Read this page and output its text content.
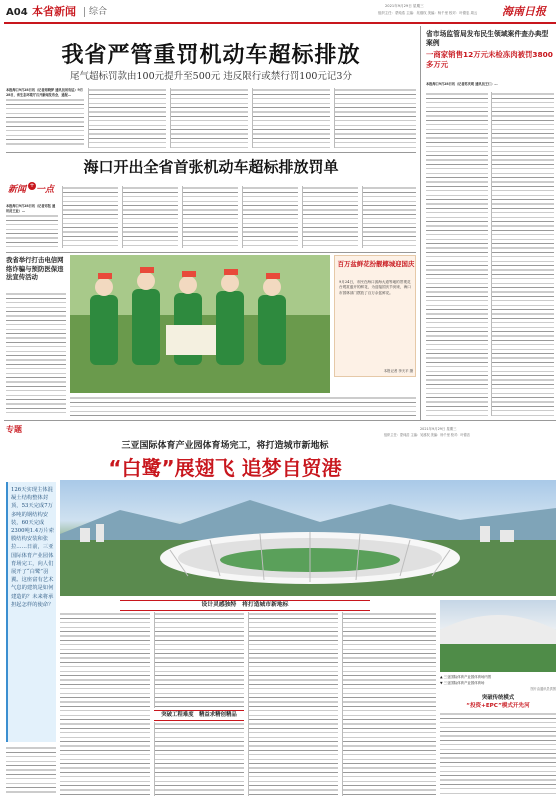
A04 本省新闻 综合
2021年9月29日 星期三
组织主任：蒙纯浩 主编：吴禧权 美编：杨千里 校对：叶德忠 周云	海南日报
我省严管重罚机动车超标排放
尾气超标罚款由100元提升至500元 违反限行或禁行罚100元记3分
本报海口9月28日讯（记者周晓梦 通讯员刘有运）9月28日，省生态环境厅召开新闻发布会，通报...
省市场监管局发布民生领域案件查办典型案例
一商家销售12万元未检冻肉被罚3800多万元
本报海口9月28日讯（记者苏庆明 通讯员王仁）...
海口开出全省首张机动车超标排放罚单
新闻 + 一点
本报海口9月28日讯（记者邓钰 通讯员王业）...
我省举行打击电信网络诈骗与预防医保违法宣传活动
百万盆鲜花扮靓椰城迎国庆
9月24日，市民在海口滨海大道等地的景观花台观赏盛开的鲜花，为迎接国庆节到来，海口市园林部门摆放了百万余盆鲜花。
本报记者 李天平 摄
专题	2021年9月29日 星期三
组织主任：蒙纯浩 主编：吴禧权 美编：杨千里 校对：叶德忠
三亚国际体育产业园体育场完工，将打造城市新地标
“白鹭”展翅飞 追梦自贸港
126天实现主体混凝土结构整体封顶，53天完成7万多吨的钢结构安装，60天完成2300吨1.4万片索膜结构安装和张拉……日前，三亚国际体育产业园体育场完工，向人们展开了“白鹭”羽翼。这座富有艺术气息的建筑是如何建造的？未来将承担起怎样的使命？
▲ 三亚国际体育产业园体育场内景
▼ 三亚国际体育产业园体育场
图片由通讯员供图
设计灵感独特　将打造城市新地标
突破工程难度　精益求精创精品
突破传统模式
“投资+EPC”模式开先河
